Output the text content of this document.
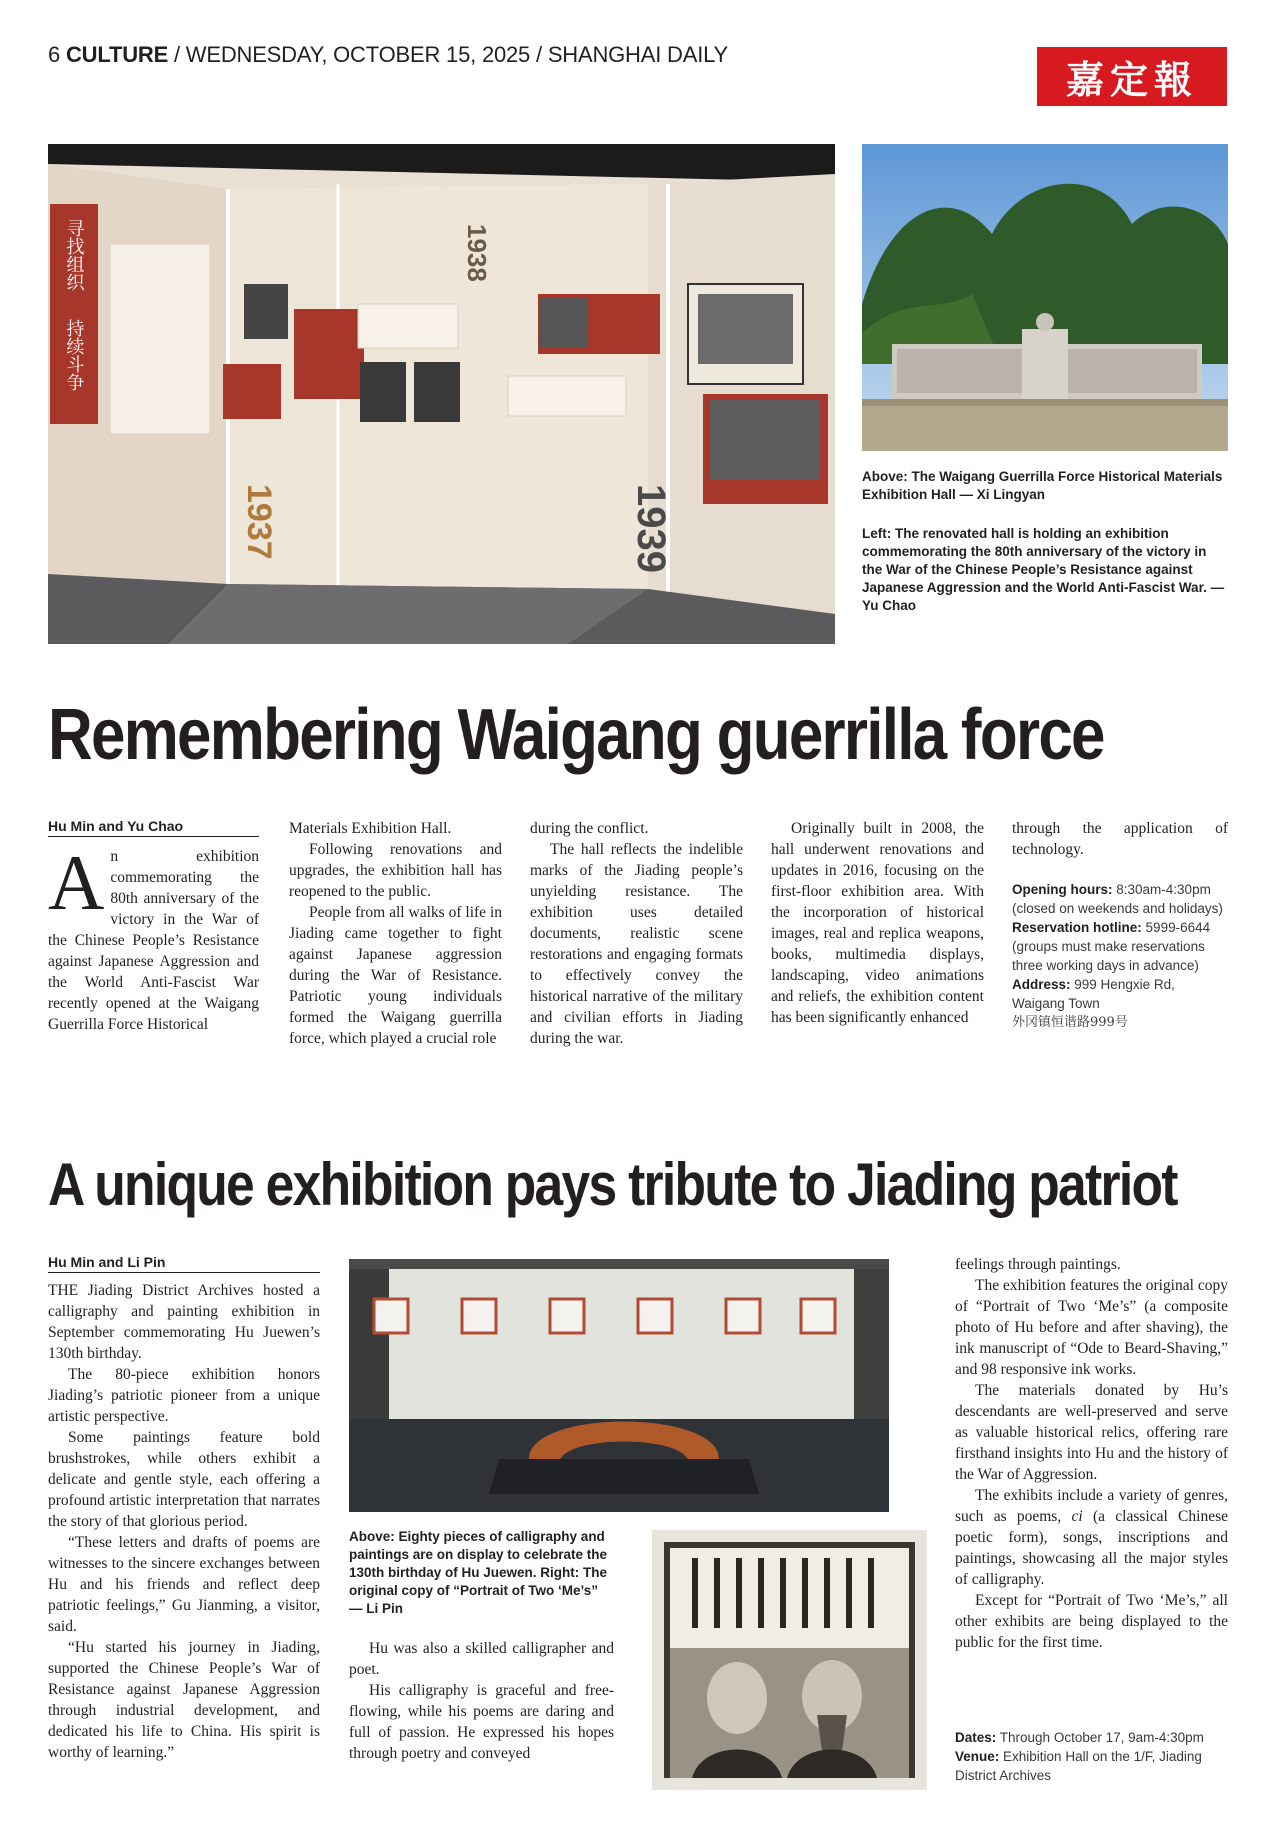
6 CULTURE / WEDNESDAY, OCTOBER 15, 2025 / SHANGHAI DAILY
嘉定報
寻找组织
持续斗争
1938
1937	1939
Above: The Waigang Guerrilla Force Historical Materials Exhibition Hall — Xi Lingyan
Left: The renovated hall is holding an exhibition commemorating the 80th anniversary of the victory in the War of the Chinese People’s Resistance against Japanese Aggression and the World Anti-Fascist War. — Yu Chao
Remembering Waigang guerrilla force
Hu Min and Yu Chao
A n exhibition commemorating the 80th anniversary of the victory in the War of the Chinese People’s Resistance against Japanese Aggression and the World Anti-Fascist War recently opened at the Waigang Guerrilla Force Historical

Materials Exhibition Hall.

Following renovations and upgrades, the exhibition hall has reopened to the public.

People from all walks of life in Jiading came together to fight against Japanese aggression during the War of Resistance. Patriotic young individuals formed the Waigang guerrilla force, which played a crucial role

during the conflict.

The hall reflects the indelible marks of the Jiading people’s unyielding resistance. The exhibition uses detailed documents, realistic scene restorations and engaging formats to effectively convey the historical narrative of the military and civilian efforts in Jiading during the war.

Originally built in 2008, the hall underwent renovations and updates in 2016, focusing on the first-floor exhibition area. With the incorporation of historical images, real and replica weapons, books, multimedia displays, landscaping, video animations and reliefs, the exhibition content has been significantly enhanced

through the application of technology.

Opening hours: 8:30am-4:30pm (closed on weekends and holidays)
Reservation hotline: 5999-6644 (groups must make reservations three working days in advance)
Address: 999 Hengxie Rd, Waigang Town
外冈镇恒谐路999号
A unique exhibition pays tribute to Jiading patriot
Hu Min and Li Pin

THE Jiading District Archives hosted a calligraphy and painting exhibition in September commemorating Hu Juewen’s 130th birthday.

The 80-piece exhibition honors Jiading’s patriotic pioneer from a unique artistic perspective.

Some paintings feature bold brushstrokes, while others exhibit a delicate and gentle style, each offering a profound artistic interpretation that narrates the story of that glorious period.

“These letters and drafts of poems are witnesses to the sincere exchanges between Hu and his friends and reflect deep patriotic feelings,” Gu Jianming, a visitor, said.

“Hu started his journey in Jiading, supported the Chinese People’s War of Resistance against Japanese Aggression through industrial development, and dedicated his life to China. His spirit is worthy of learning.”

Above: Eighty pieces of calligraphy and paintings are on display to celebrate the 130th birthday of Hu Juewen. Right: The original copy of “Portrait of Two ‘Me’s” — Li Pin

Hu was also a skilled calligrapher and poet.

His calligraphy is graceful and free-flowing, while his poems are daring and full of passion. He expressed his hopes through poetry and conveyed

feelings through paintings.

The exhibition features the original copy of “Portrait of Two ‘Me’s” (a composite photo of Hu before and after shaving), the ink manuscript of “Ode to Beard-Shaving,” and 98 responsive ink works.

The materials donated by Hu’s descendants are well-preserved and serve as valuable historical relics, offering rare firsthand insights into Hu and the history of the War of Aggression.

The exhibits include a variety of genres, such as poems, ci (a classical Chinese poetic form), songs, inscriptions and paintings, showcasing all the major styles of calligraphy.

Except for “Portrait of Two ‘Me’s,” all other exhibits are being displayed to the public for the first time.

Dates: Through October 17, 9am-4:30pm
Venue: Exhibition Hall on the 1/F, Jiading District Archives
